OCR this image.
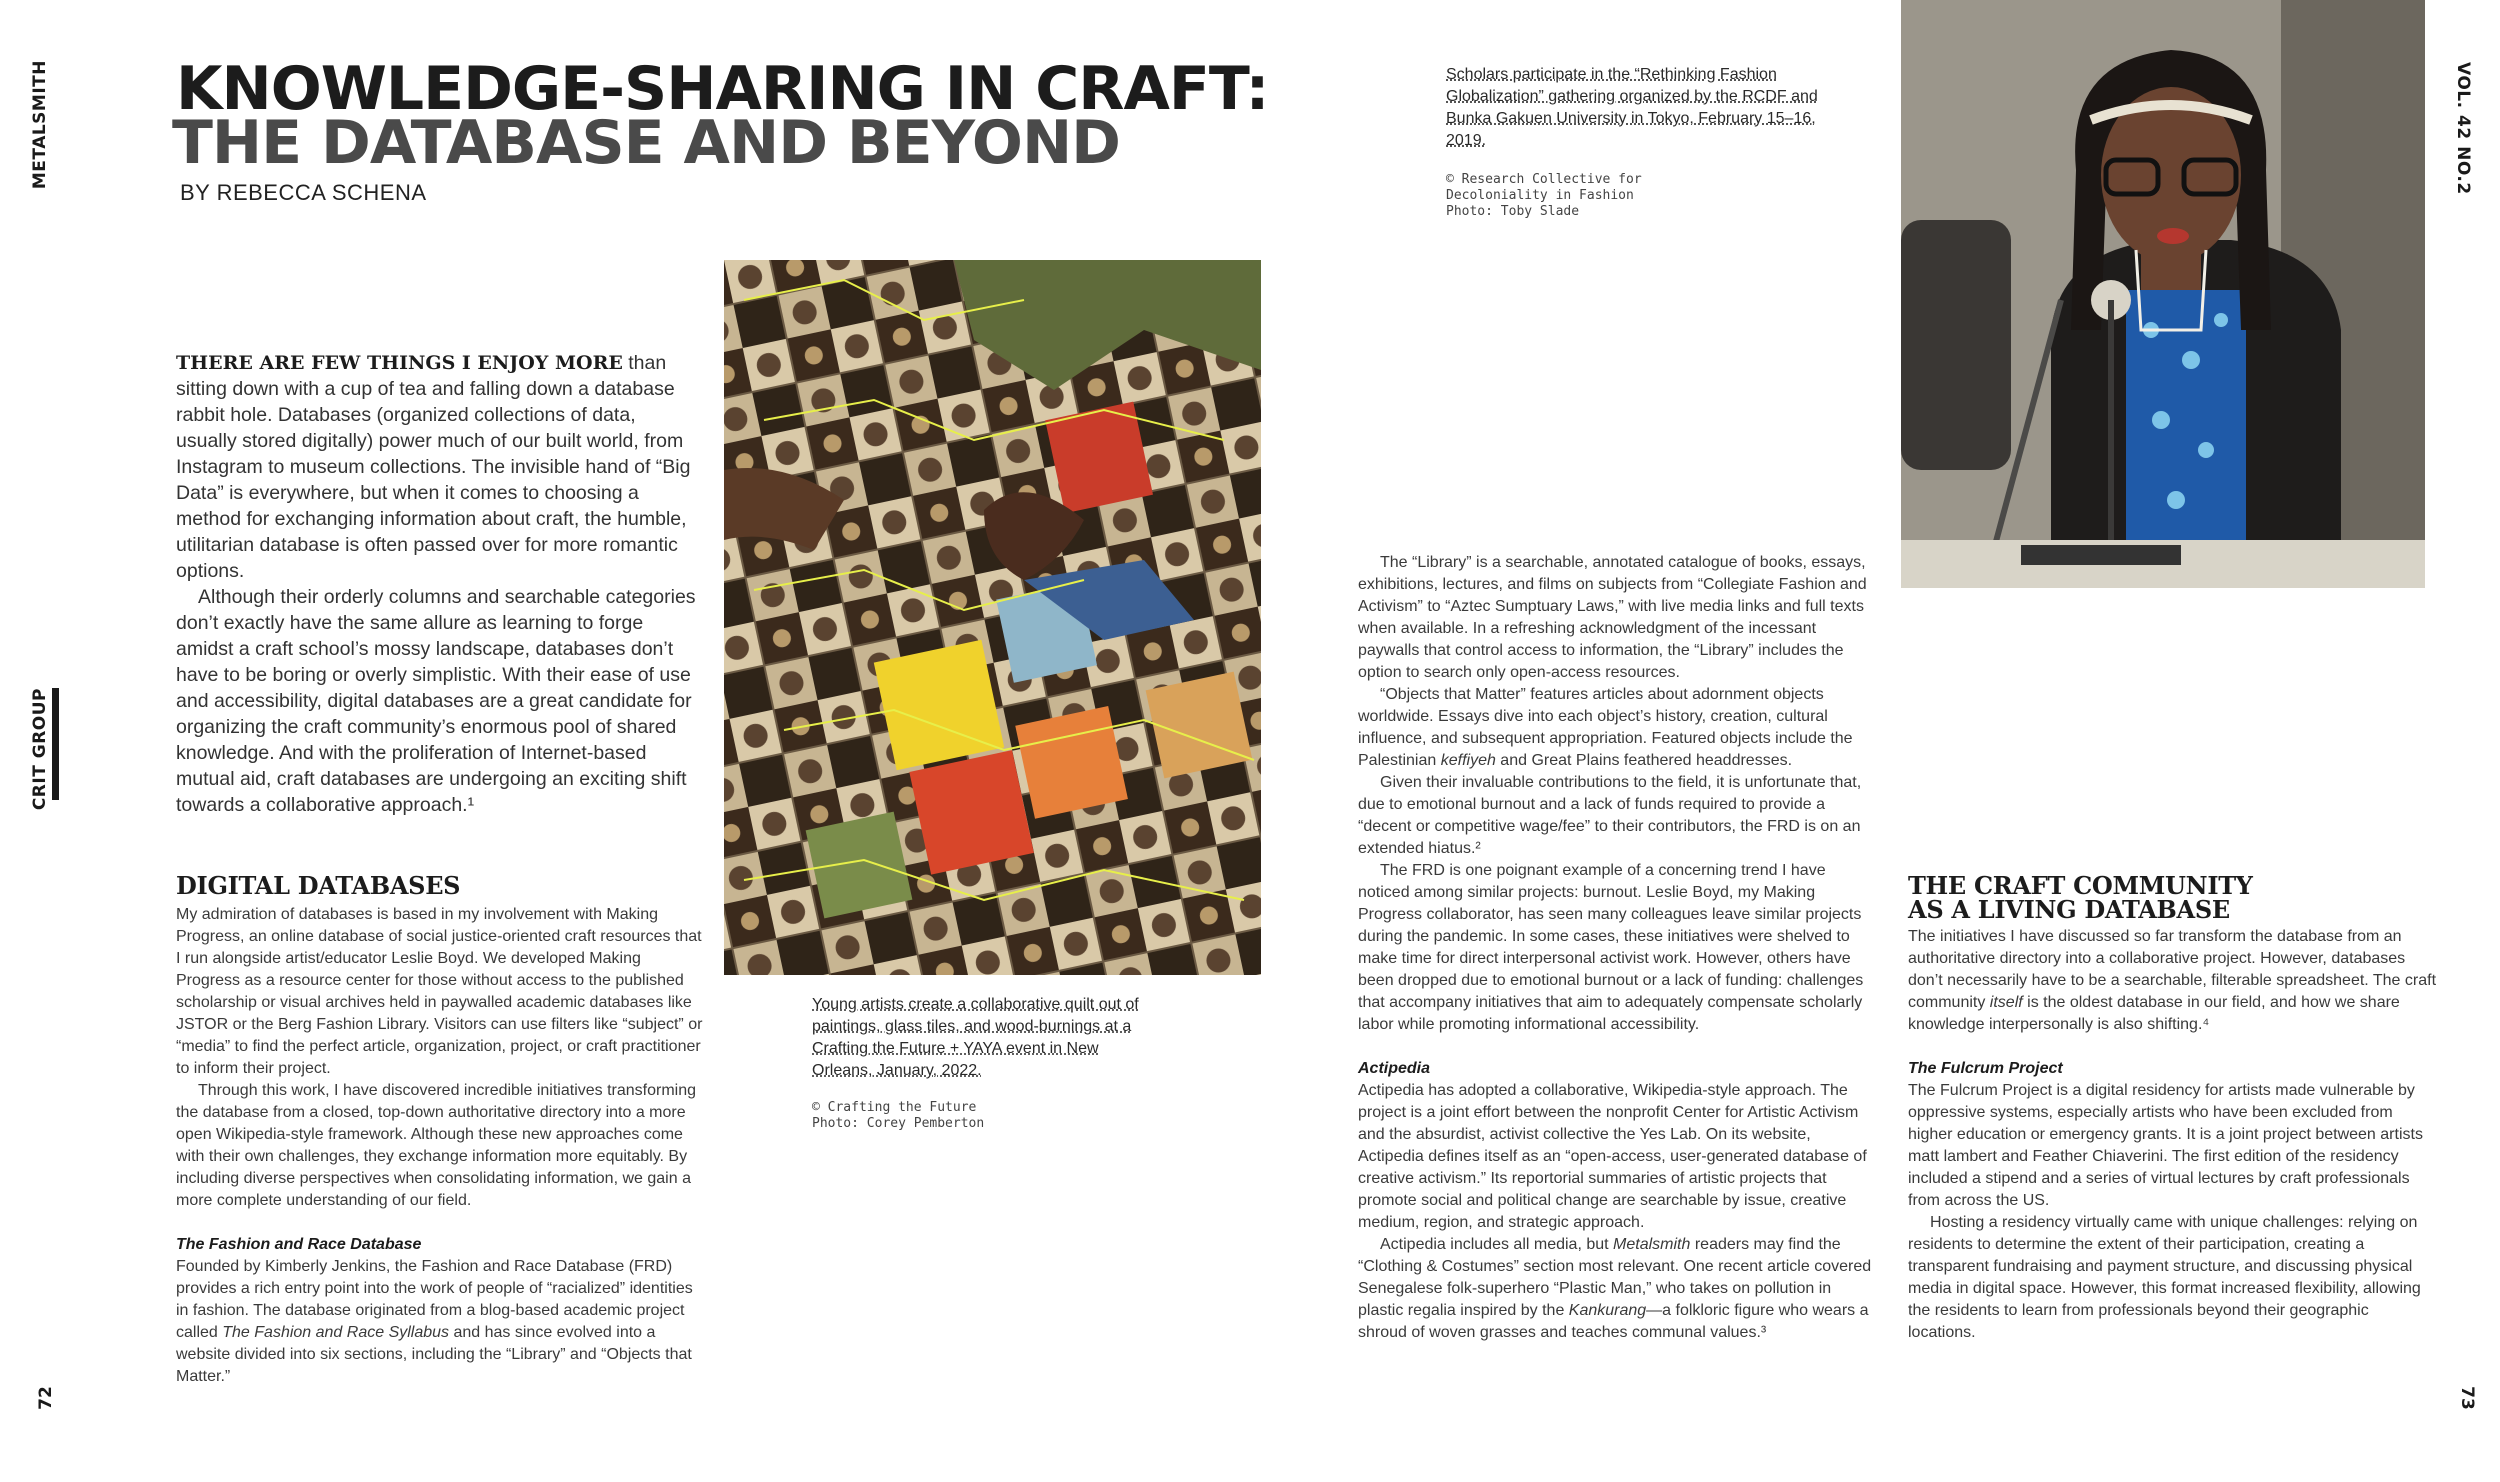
METALSMITH
CRIT GROUP
VOL. 42 NO.2
72	73
KNOWLEDGE-SHARING IN CRAFT:
THE DATABASE AND BEYOND
BY REBECCA SCHENA

THERE ARE FEW THINGS I ENJOY MORE than sitting down with a cup of tea and falling down a database rabbit hole. Databases (organized collections of data, usually stored digitally) power much of our built world, from Instagram to museum collections. The invisible hand of “Big Data” is everywhere, but when it comes to choosing a method for exchanging information about craft, the humble, utilitarian database is often passed over for more romantic options.

Although their orderly columns and searchable categories don’t exactly have the same allure as learning to forge amidst a craft school’s mossy landscape, databases don’t have to be boring or overly simplistic. With their ease of use and accessibility, digital databases are a great candidate for organizing the craft community’s enormous pool of shared knowledge. And with the proliferation of Internet-based mutual aid, craft databases are undergoing an exciting shift towards a collaborative approach.¹

DIGITAL DATABASES

My admiration of databases is based in my involvement with Making Progress, an online database of social justice-oriented craft resources that I run alongside artist/educator Leslie Boyd. We developed Making Progress as a resource center for those without access to the published scholarship or visual archives held in paywalled academic databases like JSTOR or the Berg Fashion Library. Visitors can use filters like “subject” or “media” to find the perfect article, organization, project, or craft practitioner to inform their project.

Through this work, I have discovered incredible initiatives transforming the database from a closed, top-down authoritative directory into a more open Wikipedia-style framework. Although these new approaches come with their own challenges, they exchange information more equitably. By including diverse perspectives when consolidating information, we gain a more complete understanding of our field.

The Fashion and Race Database

Founded by Kimberly Jenkins, the Fashion and Race Database (FRD) provides a rich entry point into the work of people of “racialized” identities in fashion. The database originated from a blog-based academic project called The Fashion and Race Syllabus and has since evolved into a website divided into six sections, including the “Library” and “Objects that Matter.”

Young artists create a collaborative quilt out of paintings, glass tiles, and wood-burnings at a Crafting the Future + YAYA event in New Orleans, January, 2022.
© Crafting the Future
Photo: Corey Pemberton
Scholars participate in the “Rethinking Fashion Globalization” gathering organized by the RCDF and Bunka Gakuen University in Tokyo, February 15–16, 2019.
© Research Collective for
Decoloniality in Fashion
Photo: Toby Slade

The “Library” is a searchable, annotated catalogue of books, essays, exhibitions, lectures, and films on subjects from “Collegiate Fashion and Activism” to “Aztec Sumptuary Laws,” with live media links and full texts when available. In a refreshing acknowledgment of the incessant paywalls that control access to information, the “Library” includes the option to search only open-access resources.

“Objects that Matter” features articles about adornment objects worldwide. Essays dive into each object’s history, creation, cultural influence, and subsequent appropriation. Featured objects include the Palestinian keffiyeh and Great Plains feathered headdresses.

Given their invaluable contributions to the field, it is unfortunate that, due to emotional burnout and a lack of funds required to provide a “decent or competitive wage/fee” to their contributors, the FRD is on an extended hiatus.²

The FRD is one poignant example of a concerning trend I have noticed among similar projects: burnout. Leslie Boyd, my Making Progress collaborator, has seen many colleagues leave similar projects during the pandemic. In some cases, these initiatives were shelved to make time for direct interpersonal activist work. However, others have been dropped due to emotional burnout or a lack of funding: challenges that accompany initiatives that aim to adequately compensate scholarly labor while promoting informational accessibility.

Actipedia

Actipedia has adopted a collaborative, Wikipedia-style approach. The project is a joint effort between the nonprofit Center for Artistic Activism and the absurdist, activist collective the Yes Lab. On its website, Actipedia defines itself as an “open-access, user-generated database of creative activism.” Its reportorial summaries of artistic projects that promote social and political change are searchable by issue, creative medium, region, and strategic approach.

Actipedia includes all media, but Metalsmith readers may find the “Clothing & Costumes” section most relevant. One recent article covered Senegalese folk-superhero “Plastic Man,” who takes on pollution in plastic regalia inspired by the Kankurang—a folkloric figure who wears a shroud of woven grasses and teaches communal values.³

THE CRAFT COMMUNITY
AS A LIVING DATABASE

The initiatives I have discussed so far transform the database from an authoritative directory into a collaborative project. However, databases don’t necessarily have to be a searchable, filterable spreadsheet. The craft community itself is the oldest database in our field, and how we share knowledge interpersonally is also shifting.⁴

The Fulcrum Project

The Fulcrum Project is a digital residency for artists made vulnerable by oppressive systems, especially artists who have been excluded from higher education or emergency grants. It is a joint project between artists matt lambert and Feather Chiaverini. The first edition of the residency included a stipend and a series of virtual lectures by craft professionals from across the US.

Hosting a residency virtually came with unique challenges: relying on residents to determine the extent of their participation, creating a transparent fundraising and payment structure, and discussing physical media in digital space. However, this format increased flexibility, allowing the residents to learn from professionals beyond their geographic locations.
